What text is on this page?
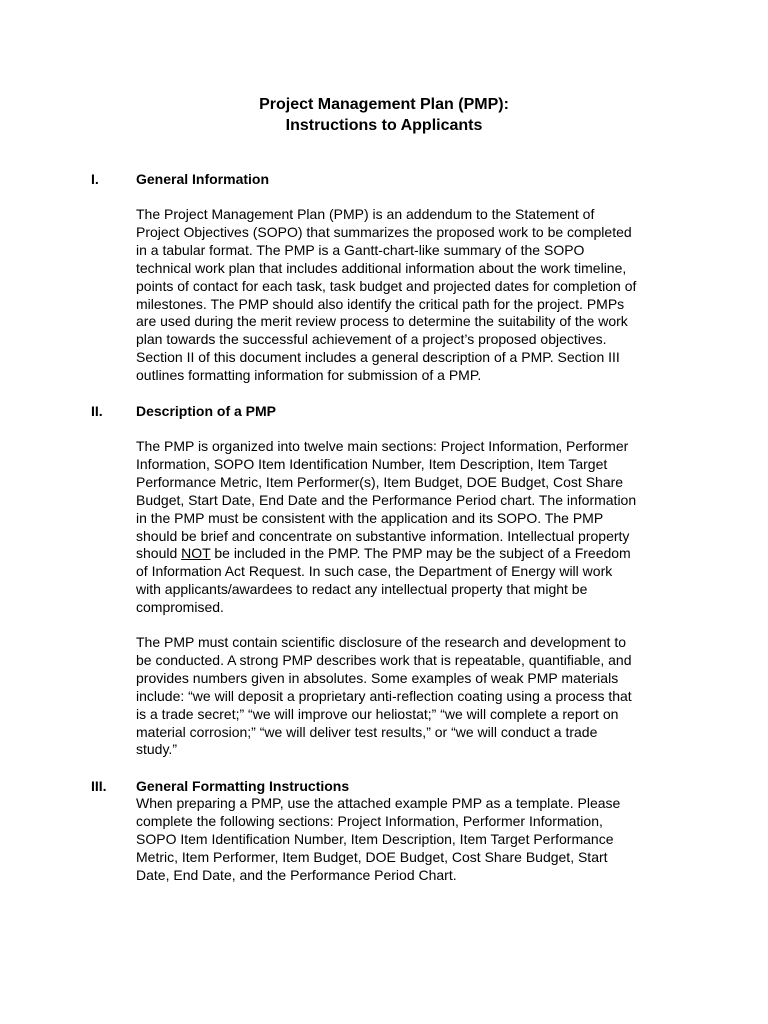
Project Management Plan (PMP):
Instructions to Applicants
I.	General Information

The Project Management Plan (PMP) is an addendum to the Statement of
Project Objectives (SOPO) that summarizes the proposed work to be completed
in a tabular format. The PMP is a Gantt-chart-like summary of the SOPO
technical work plan that includes additional information about the work timeline,
points of contact for each task, task budget and projected dates for completion of
milestones. The PMP should also identify the critical path for the project. PMPs
are used during the merit review process to determine the suitability of the work
plan towards the successful achievement of a project’s proposed objectives.
Section II of this document includes a general description of a PMP. Section III
outlines formatting information for submission of a PMP.

II. Description of a PMP

The PMP is organized into twelve main sections: Project Information, Performer
Information, SOPO Item Identification Number, Item Description, Item Target
Performance Metric, Item Performer(s), Item Budget, DOE Budget, Cost Share
Budget, Start Date, End Date and the Performance Period chart. The information
in the PMP must be consistent with the application and its SOPO. The PMP
should be brief and concentrate on substantive information. Intellectual property
should NOT be included in the PMP. The PMP may be the subject of a Freedom
of Information Act Request. In such case, the Department of Energy will work
with applicants/awardees to redact any intellectual property that might be
compromised.

The PMP must contain scientific disclosure of the research and development to
be conducted. A strong PMP describes work that is repeatable, quantifiable, and
provides numbers given in absolutes. Some examples of weak PMP materials
include: “we will deposit a proprietary anti-reflection coating using a process that
is a trade secret;” “we will improve our heliostat;” “we will complete a report on
material corrosion;” “we will deliver test results,” or “we will conduct a trade
study.”

III. General Formatting Instructions

When preparing a PMP, use the attached example PMP as a template. Please
complete the following sections: Project Information, Performer Information,
SOPO Item Identification Number, Item Description, Item Target Performance
Metric, Item Performer, Item Budget, DOE Budget, Cost Share Budget, Start
Date, End Date, and the Performance Period Chart.
